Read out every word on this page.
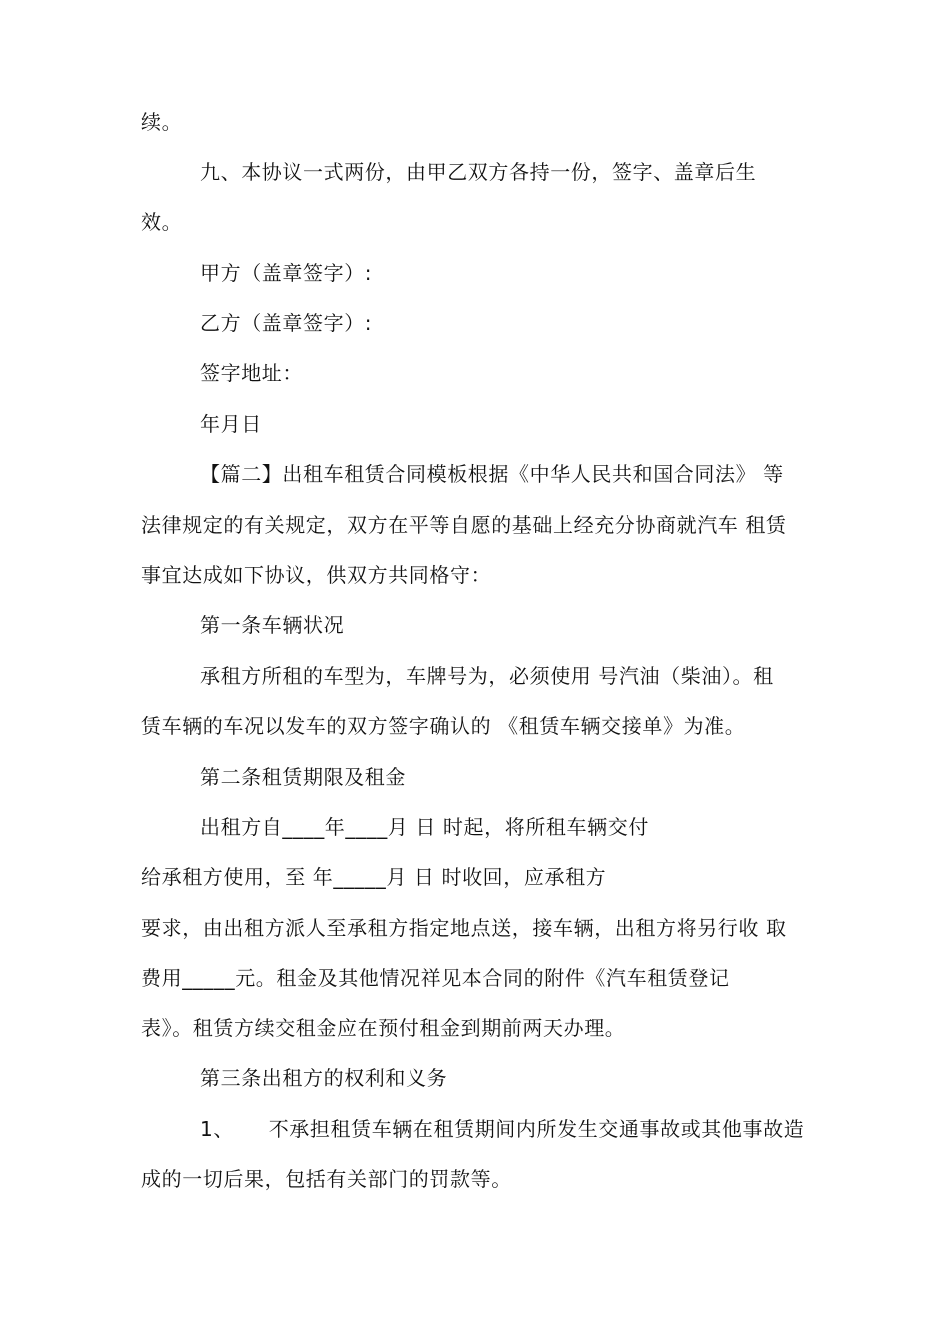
续。
九、本协议一式两份，由甲乙双方各持一份，签字、盖章后生
效。
甲方（盖章签字）:
乙方（盖章签字）:
签字地址：
年月日
【篇二】出租车租赁合同模板根据《中华人民共和国合同法》 等
法律规定的有关规定，双方在平等自愿的基础上经充分协商就汽车 租赁
事宜达成如下协议，供双方共同格守：
第一条车辆状况
承租方所租的车型为，车牌号为，必须使用 号汽油（柴油）。租
赁车辆的车况以发车的双方签字确认的 《租赁车辆交接单》为准。
第二条租赁期限及租金
出租方自____年____月 日 时起，将所租车辆交付
给承租方使用，至 年_____月 日 时收回，应承租方
要求，由出租方派人至承租方指定地点送，接车辆，出租方将另行收 取
费用_____元。租金及其他情况祥见本合同的附件《汽车租赁登记
表》。租赁方续交租金应在预付租金到期前两天办理。
第三条出租方的权利和义务
1、     不承担租赁车辆在租赁期间内所发生交通事故或其他事故造
成的一切后果，包括有关部门的罚款等。
